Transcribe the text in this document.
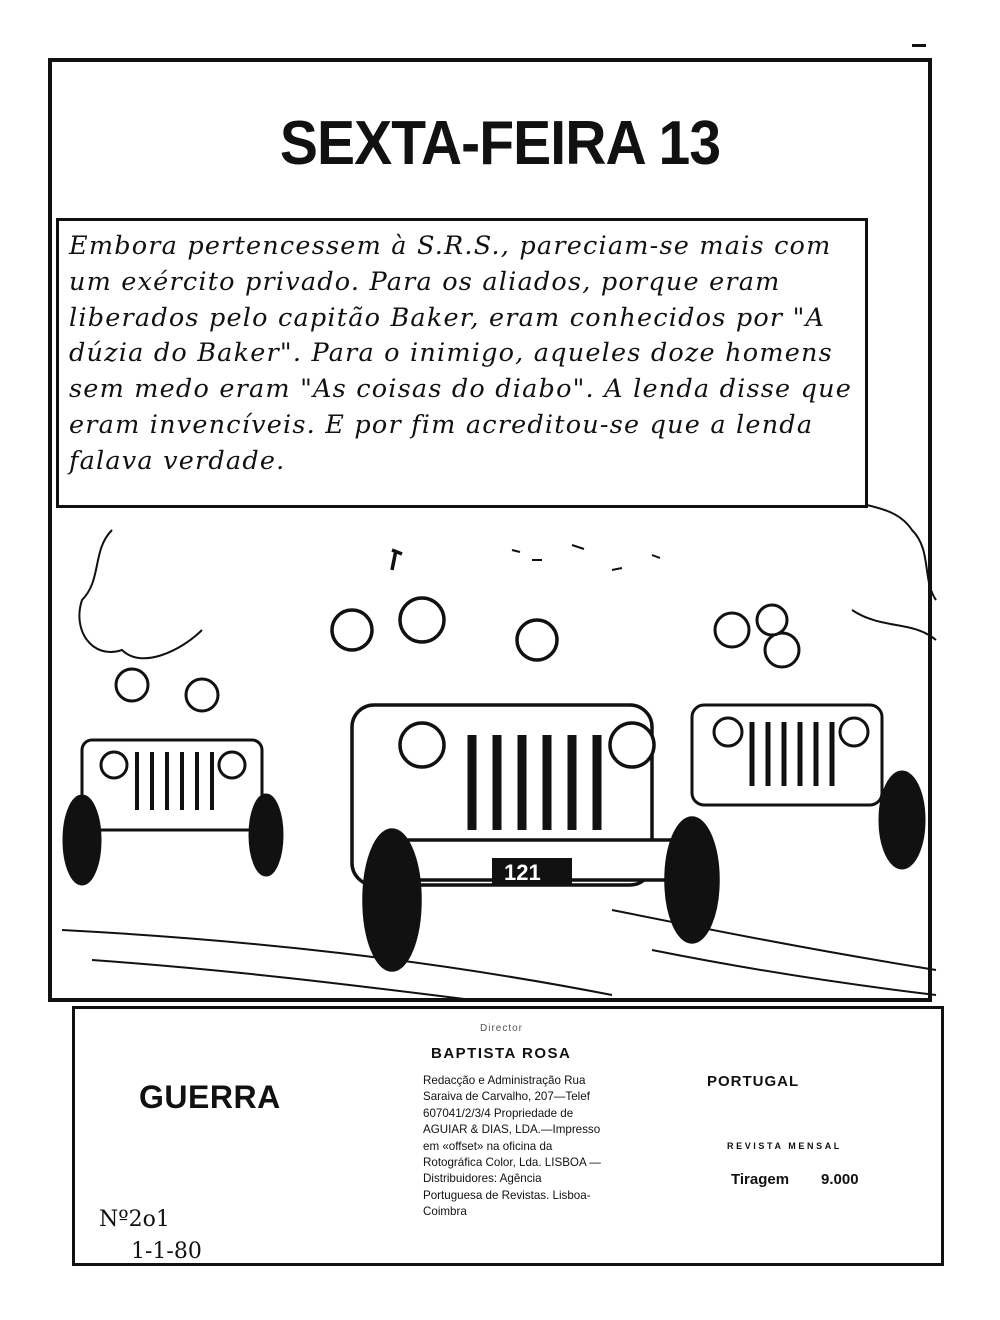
SEXTA-FEIRA 13
Embora pertencessem à S.R.S., pareciam-se mais com um exército privado. Para os aliados, porque eram liberados pelo capitão Baker, eram conhecidos por "A dúzia do Baker". Para o inimigo, aqueles doze homens sem medo eram "As coisas do diabo". A lenda disse que eram invencíveis. E por fim acreditou-se que a lenda falava verdade.
121
GUERRA
Nº2o1
1-1-80
Director
BAPTISTA ROSA
Redacção e Administração Rua Saraiva de Carvalho, 207—Telef 607041/2/3/4 Propriedade de AGUIAR & DIAS, LDA.—Impresso em «offset» na oficina da Rotográfica Color, Lda. LISBOA — Distribuidores: Agência Portuguesa de Revistas. Lisboa-Coimbra
PORTUGAL
REVISTA MENSAL
Tiragem 9.000
